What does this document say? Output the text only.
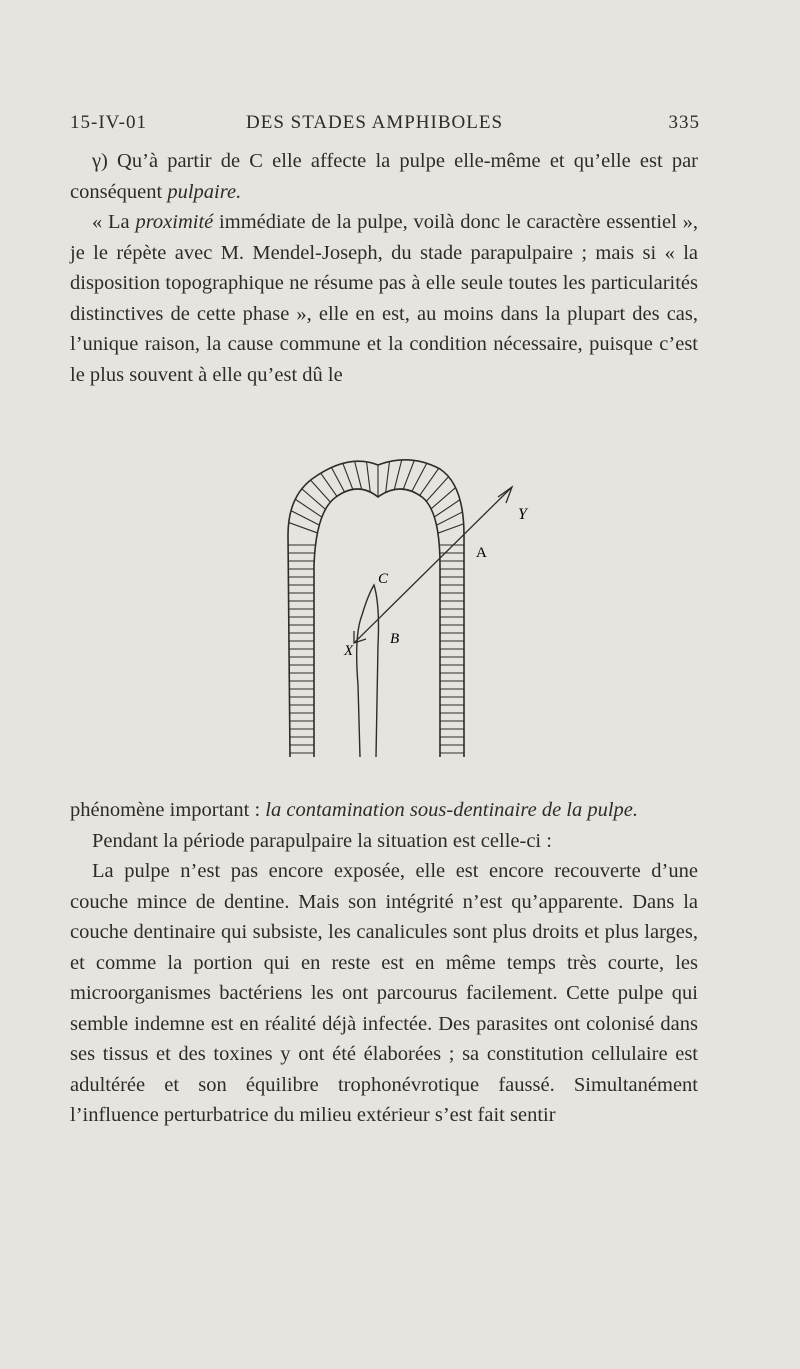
15-IV-01	DES STADES AMPHIBOLES	335

γ) Qu’à partir de C elle affecte la pulpe elle-même et qu’elle est par conséquent pulpaire.

« La proximité immédiate de la pulpe, voilà donc le caractère essentiel », je le répète avec M. Mendel-Joseph, du stade parapulpaire ; mais si « la disposition topographique ne résume pas à elle seule toutes les particularités distinctives de cette phase », elle en est, au moins dans la plupart des cas, l’unique raison, la cause commune et la condition nécessaire, puisque c’est le plus souvent à elle qu’est dû le

Y
A
C
B
X

phénomène important : la contamination sous-dentinaire de la pulpe.

Pendant la période parapulpaire la situation est celle-ci :

La pulpe n’est pas encore exposée, elle est encore recouverte d’une couche mince de dentine. Mais son intégrité n’est qu’apparente. Dans la couche dentinaire qui subsiste, les canalicules sont plus droits et plus larges, et comme la portion qui en reste est en même temps très courte, les microorganismes bactériens les ont parcourus facilement. Cette pulpe qui semble indemne est en réalité déjà infectée. Des parasites ont colonisé dans ses tissus et des toxines y ont été élaborées ; sa constitution cellulaire est adultérée et son équilibre trophonévrotique faussé. Simultanément l’influence perturbatrice du milieu extérieur s’est fait sentir
